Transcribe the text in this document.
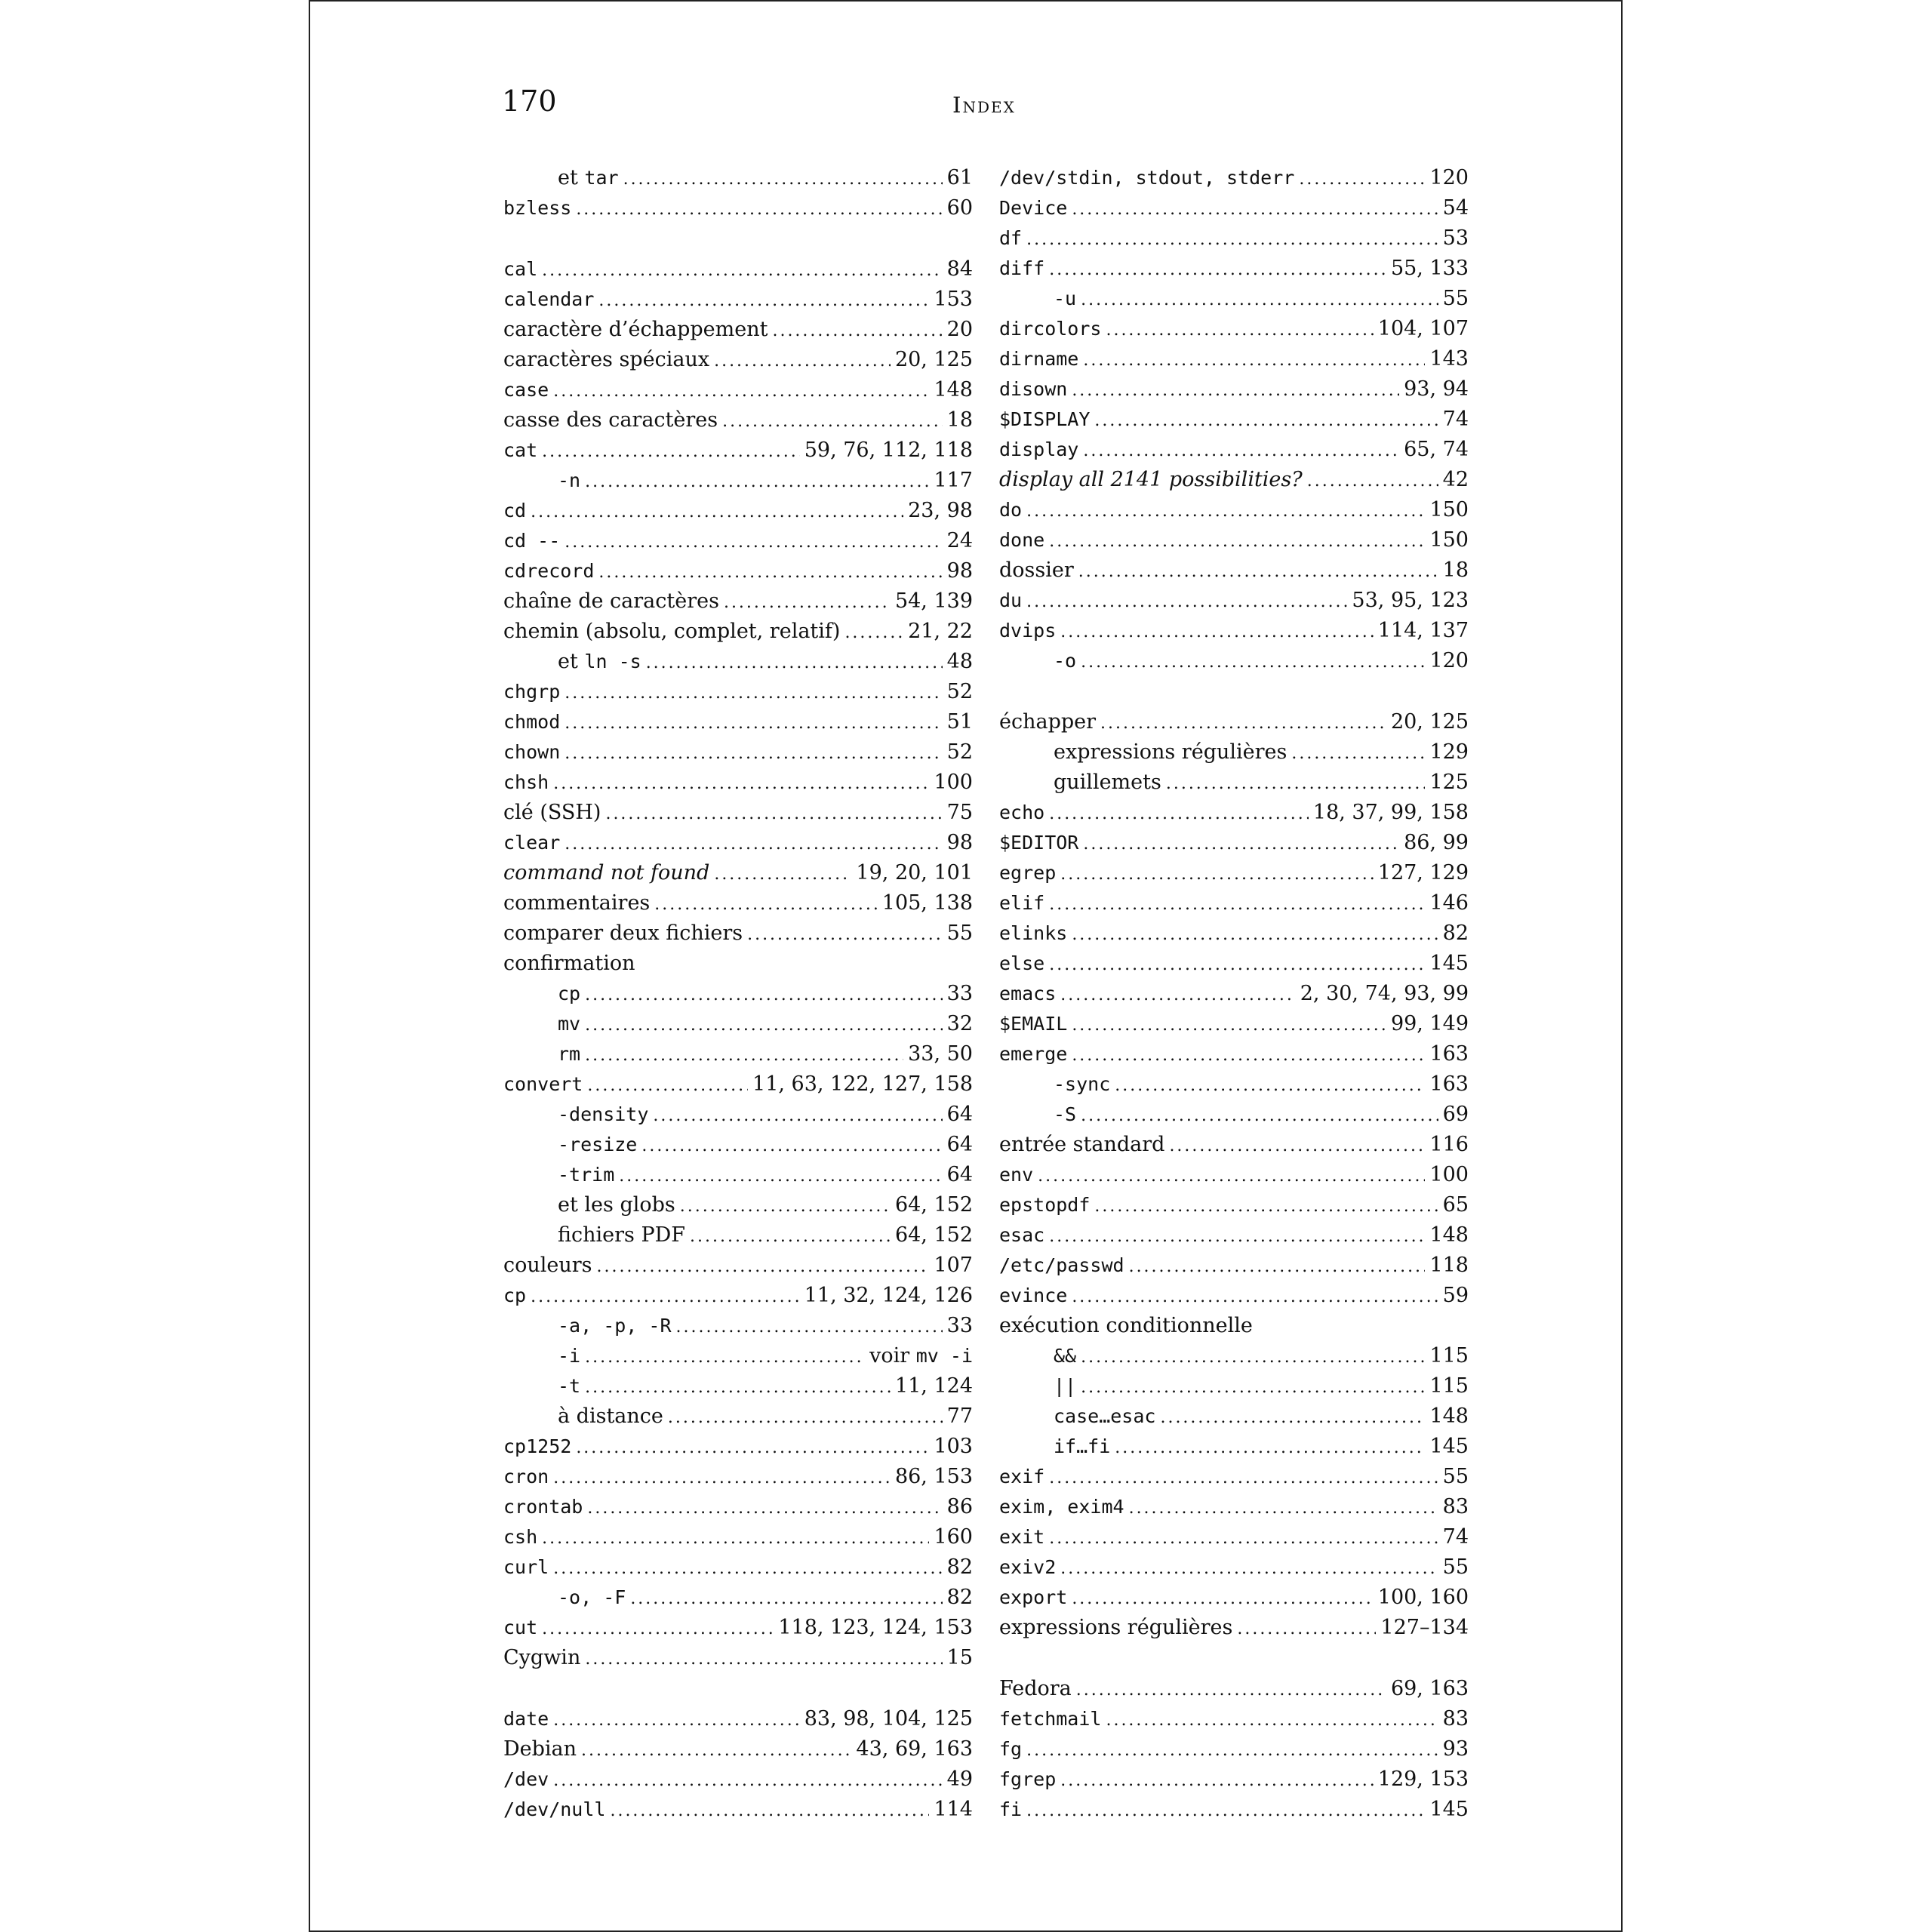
170	Index
et tar . . .	61
bzless . . .	60
cal . . .	84
calendar . . .	153
caractère d’échappement . . .	20
caractères spéciaux . . .	20, 125
case . . .	148
casse des caractères . . .	18
cat . . .	59, 76, 112, 118
-n . . .	117
cd . . .	23, 98
cd -- . . .	24
cdrecord . . .	98
chaîne de caractères . . .	54, 139
chemin (absolu, complet, relatif) . . .	21, 22
et ln -s . . .	48
chgrp . . .	52
chmod . . .	51
chown . . .	52
chsh . . .	100
clé (SSH) . . .	75
clear . . .	98
command not found . . .	19, 20, 101
commentaires . . .	105, 138
comparer deux fichiers . . .	55
confirmation
cp . . .	33
mv . . .	32
rm . . .	33, 50
convert . . .	11, 63, 122, 127, 158
-density . . .	64
-resize . . .	64
-trim . . .	64
et les globs . . .	64, 152
fichiers PDF . . .	64, 152
couleurs . . .	107
cp . . .	11, 32, 124, 126
-a, -p, -R . . .	33
-i . . .	voir mv -i
-t . . .	11, 124
à distance . . .	77
cp1252 . . .	103
cron . . .	86, 153
crontab . . .	86
csh . . .	160
curl . . .	82
-o, -F . . .	82
cut . . .	118, 123, 124, 153
Cygwin . . .	15
date . . .	83, 98, 104, 125
Debian . . .	43, 69, 163
/dev . . .	49
/dev/null . . .	114
/dev/stdin, stdout, stderr . . .	120
Device . . .	54
df . . .	53
diff . . .	55, 133
-u . . .	55
dircolors . . .	104, 107
dirname . . .	143
disown . . .	93, 94
$DISPLAY . . .	74
display . . .	65, 74
display all 2141 possibilities? . . .	42
do . . .	150
done . . .	150
dossier . . .	18
du . . .	53, 95, 123
dvips . . .	114, 137
-o . . .	120
échapper . . .	20, 125
expressions régulières . . .	129
guillemets . . .	125
echo . . .	18, 37, 99, 158
$EDITOR . . .	86, 99
egrep . . .	127, 129
elif . . .	146
elinks . . .	82
else . . .	145
emacs . . .	2, 30, 74, 93, 99
$EMAIL . . .	99, 149
emerge . . .	163
-sync . . .	163
-S . . .	69
entrée standard . . .	116
env . . .	100
epstopdf . . .	65
esac . . .	148
/etc/passwd . . .	118
evince . . .	59
exécution conditionnelle
&& . . .	115
|| . . .	115
case…esac . . .	148
if…fi . . .	145
exif . . .	55
exim, exim4 . . .	83
exit . . .	74
exiv2 . . .	55
export . . .	100, 160
expressions régulières . . .	127–134
Fedora . . .	69, 163
fetchmail . . .	83
fg . . .	93
fgrep . . .	129, 153
fi . . .	145
